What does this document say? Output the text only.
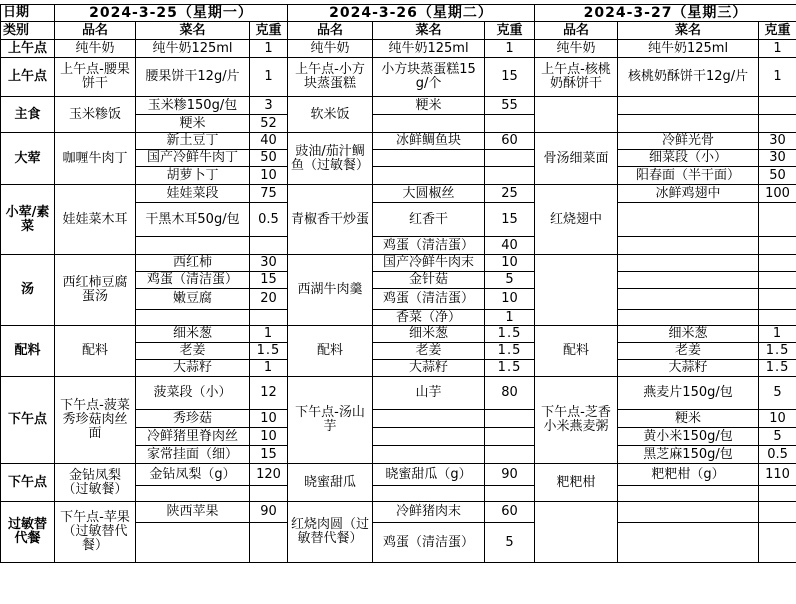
日期	2024-3-25（星期一）			2024-3-26（星期二）			2024-3-27（星期三）		
类别	品名	菜名	克重	品名	菜名	克重	品名	菜名	克重
上午点	纯牛奶	纯牛奶125ml	1	纯牛奶	纯牛奶125ml	1	纯牛奶	纯牛奶125ml	1
上午点	上午点-腰果饼干	腰果饼干12g/片	1	上午点-小方块蒸蛋糕	小方块蒸蛋糕15g/个	15	上午点-核桃奶酥饼干	核桃奶酥饼干12g/片	1
主食	玉米糁饭	玉米糁150g/包	3	软米饭	粳米	55			
		粳米	52						
大荤	咖喱牛肉丁	新土豆丁	40	豉油/茄汁鲷鱼（过敏餐）	冰鲜鲷鱼块	60	骨汤细菜面	冷鲜光骨	30
		国产冷鲜牛肉丁	50					细菜段（小）	30
		胡萝卜丁	10					阳春面（半干面）	50
小荤/素菜	娃娃菜木耳	娃娃菜段	75	青椒香干炒蛋	大圆椒丝	25	红烧翅中	冰鲜鸡翅中	100
		干黑木耳50g/包	0.5		红香干	15			
					鸡蛋（清洁蛋）	40			
汤	西红柿豆腐蛋汤	西红柿	30	西湖牛肉羹	国产冷鲜牛肉末	10			
		鸡蛋（清洁蛋）	15		金针菇	5			
		嫩豆腐	20		鸡蛋（清洁蛋）	10			
					香菜（净）	1			
配料	配料	细米葱	1	配料	细米葱	1.5	配料	细米葱	1
		老姜	1.5		老姜	1.5		老姜	1.5
		大蒜籽	1		大蒜籽	1.5		大蒜籽	1.5
下午点	下午点-菠菜秀珍菇肉丝面	菠菜段（小）	12	下午点-汤山芋	山芋	80	下午点-芝香小米燕麦粥	燕麦片150g/包	5
		秀珍菇	10					粳米	10
		冷鲜猪里脊肉丝	10					黄小米150g/包	5
		家常挂面（细）	15					黑芝麻150g/包	0.5
下午点	金钻凤梨（过敏餐）	金钻凤梨（g）	120	晓蜜甜瓜	晓蜜甜瓜（g）	90	粑粑柑	粑粑柑（g）	110

过敏替代餐	下午点-苹果（过敏替代餐）	陕西苹果	90	红烧肉圆（过敏替代餐）	冷鲜猪肉末	60			
					鸡蛋（清洁蛋）	5			
